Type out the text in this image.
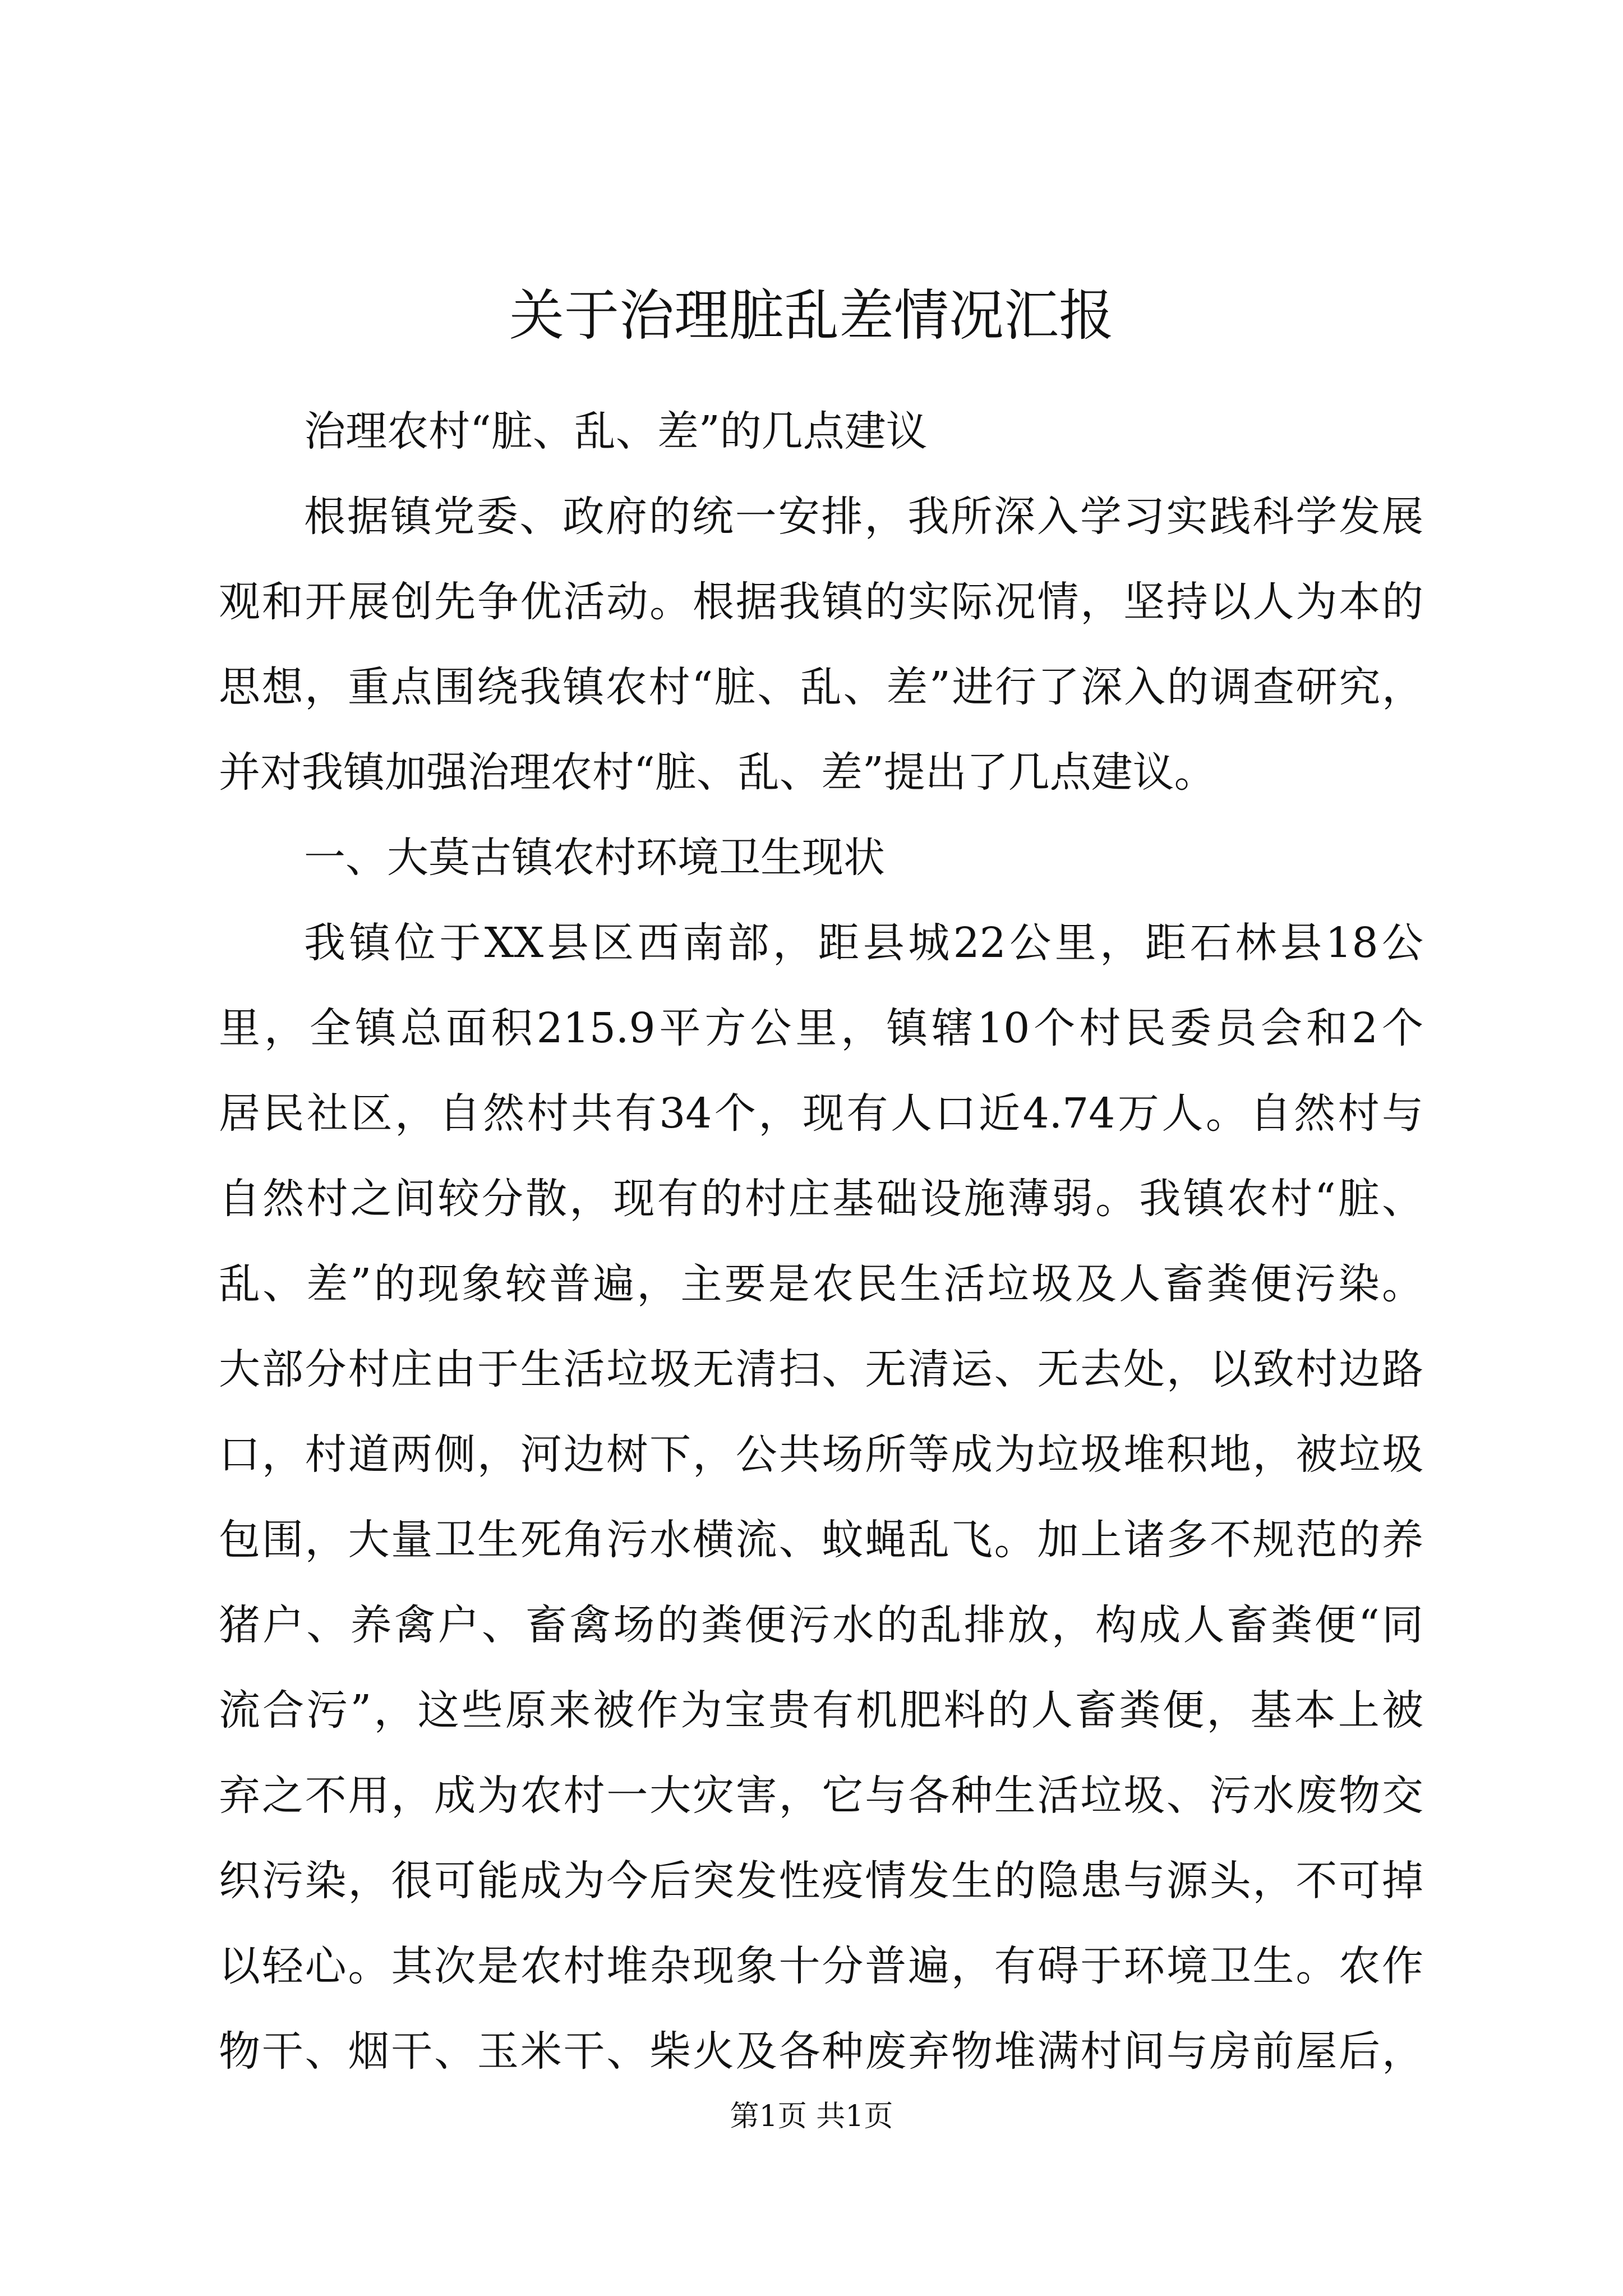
关于治理脏乱差情况汇报

治理农村“脏、乱、差”的几点建议

根据镇党委、政府的统一安排，我所深入学习实践科学发展

观和开展创先争优活动。根据我镇的实际况情，坚持以人为本的

思想，重点围绕我镇农村“脏、乱、差”进行了深入的调查研究，

并对我镇加强治理农村“脏、乱、差”提出了几点建议。

一、大莫古镇农村环境卫生现状

我镇位于XX县区西南部，距县城22公里，距石林县18公

里，全镇总面积215.9平方公里，镇辖10个村民委员会和2个

居民社区，自然村共有34个，现有人口近4.74万人。自然村与

自然村之间较分散，现有的村庄基础设施薄弱。我镇农村“脏、

乱、差”的现象较普遍，主要是农民生活垃圾及人畜粪便污染。

大部分村庄由于生活垃圾无清扫、无清运、无去处，以致村边路

口，村道两侧，河边树下，公共场所等成为垃圾堆积地，被垃圾

包围，大量卫生死角污水横流、蚊蝇乱飞。加上诸多不规范的养

猪户、养禽户、畜禽场的粪便污水的乱排放，构成人畜粪便“同

流合污”，这些原来被作为宝贵有机肥料的人畜粪便，基本上被

弃之不用，成为农村一大灾害，它与各种生活垃圾、污水废物交

织污染，很可能成为今后突发性疫情发生的隐患与源头，不可掉

以轻心。其次是农村堆杂现象十分普遍，有碍于环境卫生。农作

物干、烟干、玉米干、柴火及各种废弃物堆满村间与房前屋后，

第1页 共1页
